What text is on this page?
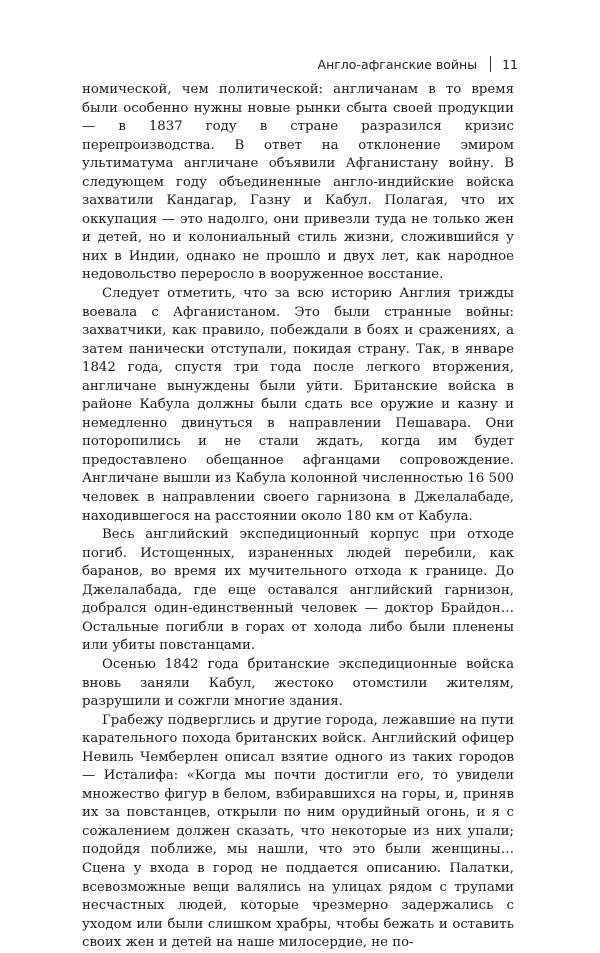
Англо-афганские войны 11

номической, чем политической: англичанам в то время были особенно нужны новые рынки сбыта своей продукции — в 1837 году в стране разразился кризис перепроизводства. В ответ на отклонение эмиром ультиматума англичане объявили Афганистану войну. В следующем году объединенные англо-индийские войска захватили Кандагар, Газну и Кабул. Полагая, что их оккупация — это надолго, они привезли туда не только жен и детей, но и колониальный стиль жизни, сложившийся у них в Индии, однако не прошло и двух лет, как народное недовольство переросло в вооруженное восстание.

Следует отметить, что за всю историю Англия трижды воевала с Афганистаном. Это были странные войны: захватчики, как правило, побеждали в боях и сражениях, а затем панически отступали, покидая страну. Так, в январе 1842 года, спустя три года после легкого вторжения, англичане вынуждены были уйти. Британские войска в районе Кабула должны были сдать все оружие и казну и немедленно двинуться в направлении Пешавара. Они поторопились и не стали ждать, когда им будет предоставлено обещанное афганцами сопровождение. Англичане вышли из Кабула колонной численностью 16 500 человек в направлении своего гарнизона в Джелалабаде, находившегося на расстоянии около 180 км от Кабула.

Весь английский экспедиционный корпус при отходе погиб. Истощенных, израненных людей перебили, как баранов, во время их мучительного отхода к границе. До Джелалабада, где еще оставался английский гарнизон, добрался один-единственный человек — доктор Брайдон… Остальные погибли в горах от холода либо были пленены или убиты повстанцами.

Осенью 1842 года британские экспедиционные войска вновь заняли Кабул, жестоко отомстили жителям, разрушили и сожгли многие здания.

Грабежу подверглись и другие города, лежавшие на пути карательного похода британских войск. Английский офицер Невиль Чемберлен описал взятие одного из таких городов — Исталифа: «Когда мы почти достигли его, то увидели множество фигур в белом, взбиравшихся на горы, и, приняв их за повстанцев, открыли по ним орудийный огонь, и я с сожалением должен сказать, что некоторые из них упали; подойдя поближе, мы нашли, что это были женщины… Сцена у входа в город не поддается описанию. Палатки, всевозможные вещи валялись на улицах рядом с трупами несчастных людей, которые чрезмерно задержались с уходом или были слишком храбры, чтобы бежать и оставить своих жен и детей на наше милосердие, не по-
